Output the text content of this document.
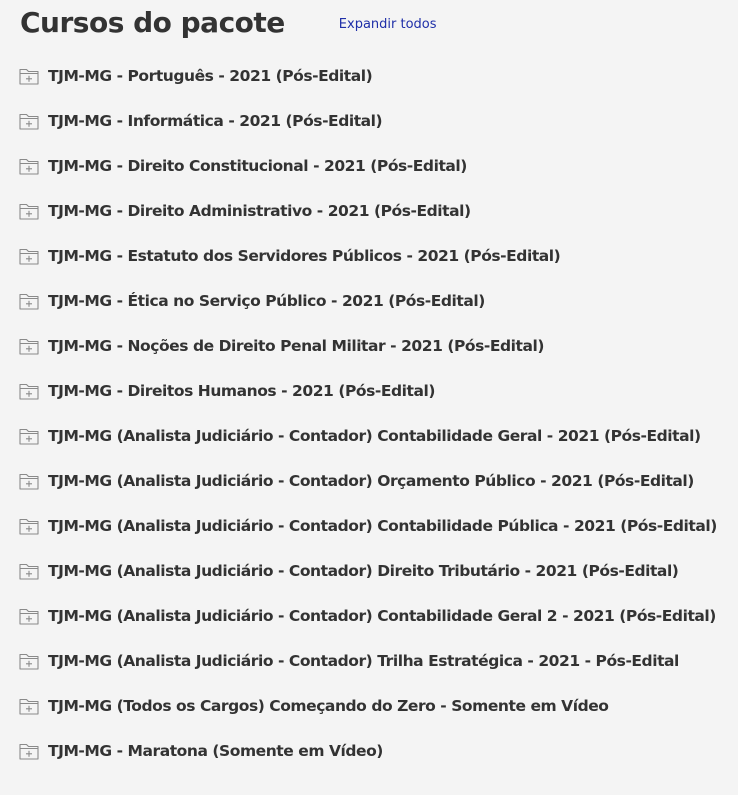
Cursos do pacote	Expandir todos
TJM-MG - Português - 2021 (Pós-Edital)
TJM-MG - Informática - 2021 (Pós-Edital)
TJM-MG - Direito Constitucional - 2021 (Pós-Edital)
TJM-MG - Direito Administrativo - 2021 (Pós-Edital)
TJM-MG - Estatuto dos Servidores Públicos - 2021 (Pós-Edital)
TJM-MG - Ética no Serviço Público - 2021 (Pós-Edital)
TJM-MG - Noções de Direito Penal Militar - 2021 (Pós-Edital)
TJM-MG - Direitos Humanos - 2021 (Pós-Edital)
TJM-MG (Analista Judiciário - Contador) Contabilidade Geral - 2021 (Pós-Edital)
TJM-MG (Analista Judiciário - Contador) Orçamento Público - 2021 (Pós-Edital)
TJM-MG (Analista Judiciário - Contador) Contabilidade Pública - 2021 (Pós-Edital)
TJM-MG (Analista Judiciário - Contador) Direito Tributário - 2021 (Pós-Edital)
TJM-MG (Analista Judiciário - Contador) Contabilidade Geral 2 - 2021 (Pós-Edital)
TJM-MG (Analista Judiciário - Contador) Trilha Estratégica - 2021 - Pós-Edital
TJM-MG (Todos os Cargos) Começando do Zero - Somente em Vídeo
TJM-MG - Maratona (Somente em Vídeo)
